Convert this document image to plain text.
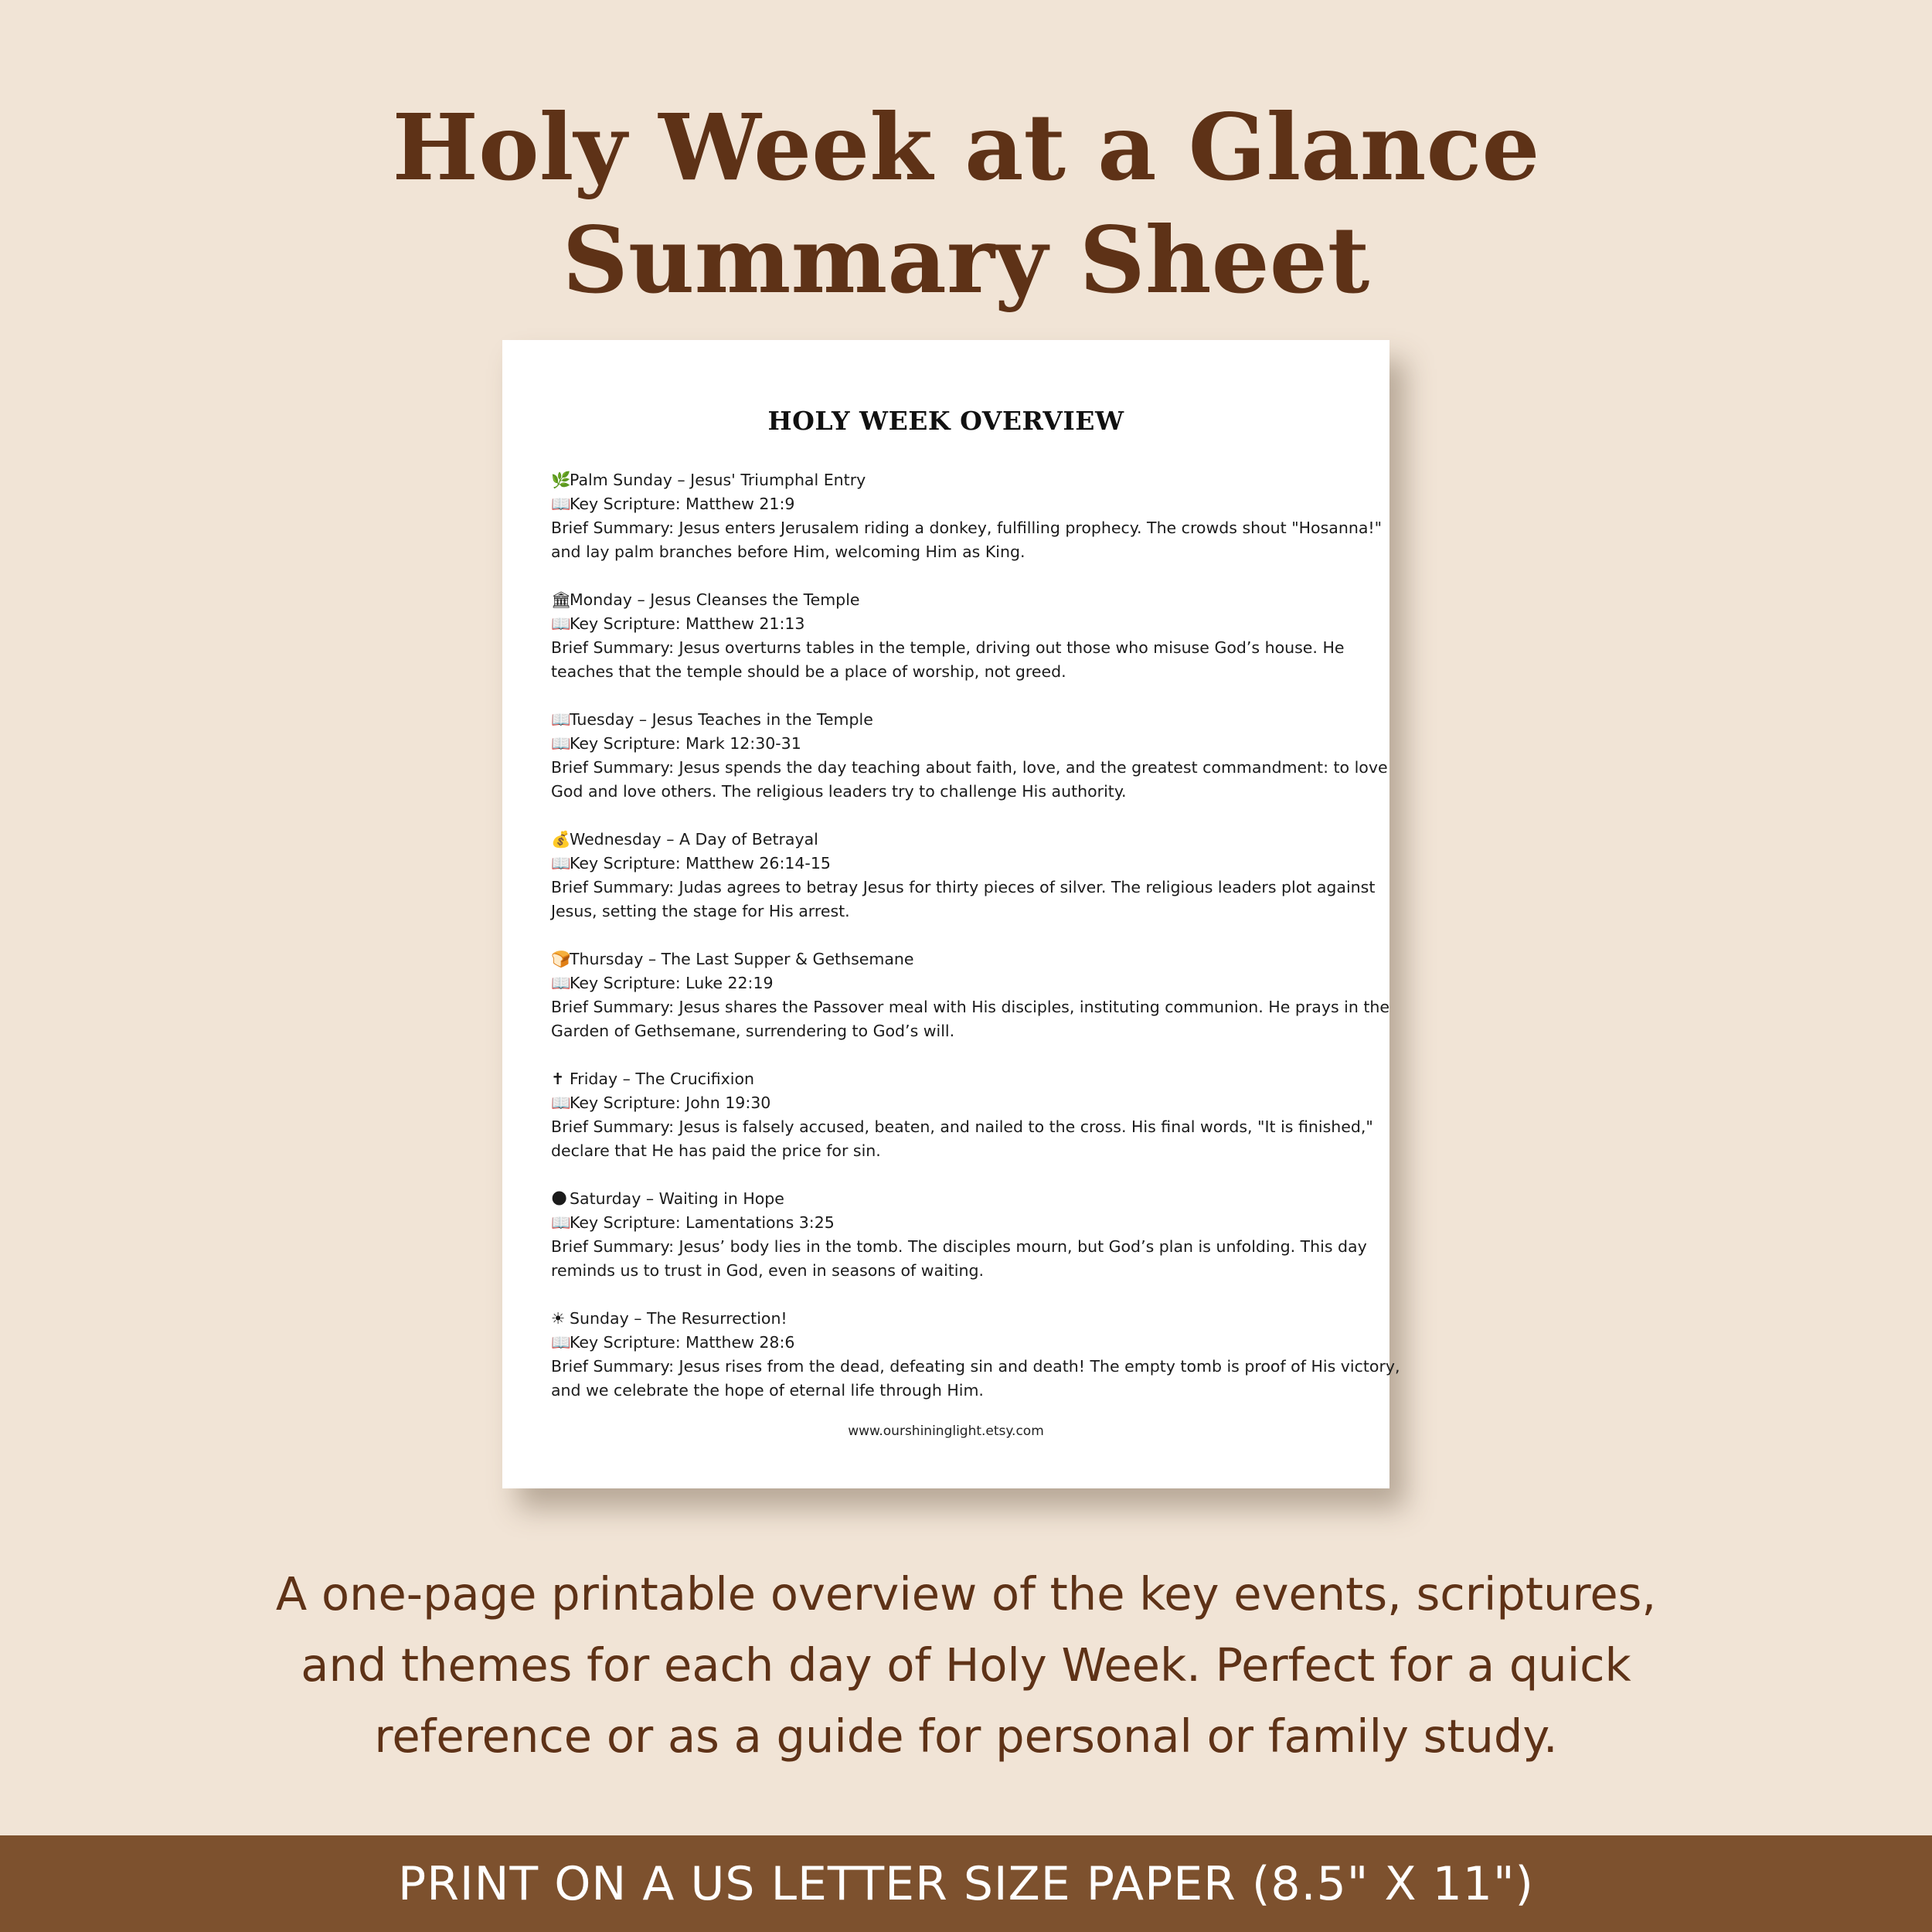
Holy Week at a Glance
Summary Sheet
HOLY WEEK OVERVIEW
🌿Palm Sunday – Jesus' Triumphal Entry
📖Key Scripture: Matthew 21:9
Brief Summary: Jesus enters Jerusalem riding a donkey, fulfilling prophecy. The crowds shout "Hosanna!"
and lay palm branches before Him, welcoming Him as King.
🏛Monday – Jesus Cleanses the Temple
📖Key Scripture: Matthew 21:13
Brief Summary: Jesus overturns tables in the temple, driving out those who misuse God’s house. He
teaches that the temple should be a place of worship, not greed.
📖Tuesday – Jesus Teaches in the Temple
📖Key Scripture: Mark 12:30-31
Brief Summary: Jesus spends the day teaching about faith, love, and the greatest commandment: to love
God and love others. The religious leaders try to challenge His authority.
💰Wednesday – A Day of Betrayal
📖Key Scripture: Matthew 26:14-15
Brief Summary: Judas agrees to betray Jesus for thirty pieces of silver. The religious leaders plot against
Jesus, setting the stage for His arrest.
🍞Thursday – The Last Supper & Gethsemane
📖Key Scripture: Luke 22:19
Brief Summary: Jesus shares the Passover meal with His disciples, instituting communion. He prays in the
Garden of Gethsemane, surrendering to God’s will.
✝ Friday – The Crucifixion
📖Key Scripture: John 19:30
Brief Summary: Jesus is falsely accused, beaten, and nailed to the cross. His final words, "It is finished,"
declare that He has paid the price for sin.
🌑 Saturday – Waiting in Hope
📖Key Scripture: Lamentations 3:25
Brief Summary: Jesus’ body lies in the tomb. The disciples mourn, but God’s plan is unfolding. This day
reminds us to trust in God, even in seasons of waiting.
☀ Sunday – The Resurrection!
📖Key Scripture: Matthew 28:6
Brief Summary: Jesus rises from the dead, defeating sin and death! The empty tomb is proof of His victory,
and we celebrate the hope of eternal life through Him.
www.ourshininglight.etsy.com
A one-page printable overview of the key events, scriptures,
and themes for each day of Holy Week. Perfect for a quick
reference or as a guide for personal or family study.
PRINT ON A US LETTER SIZE PAPER (8.5" X 11")
